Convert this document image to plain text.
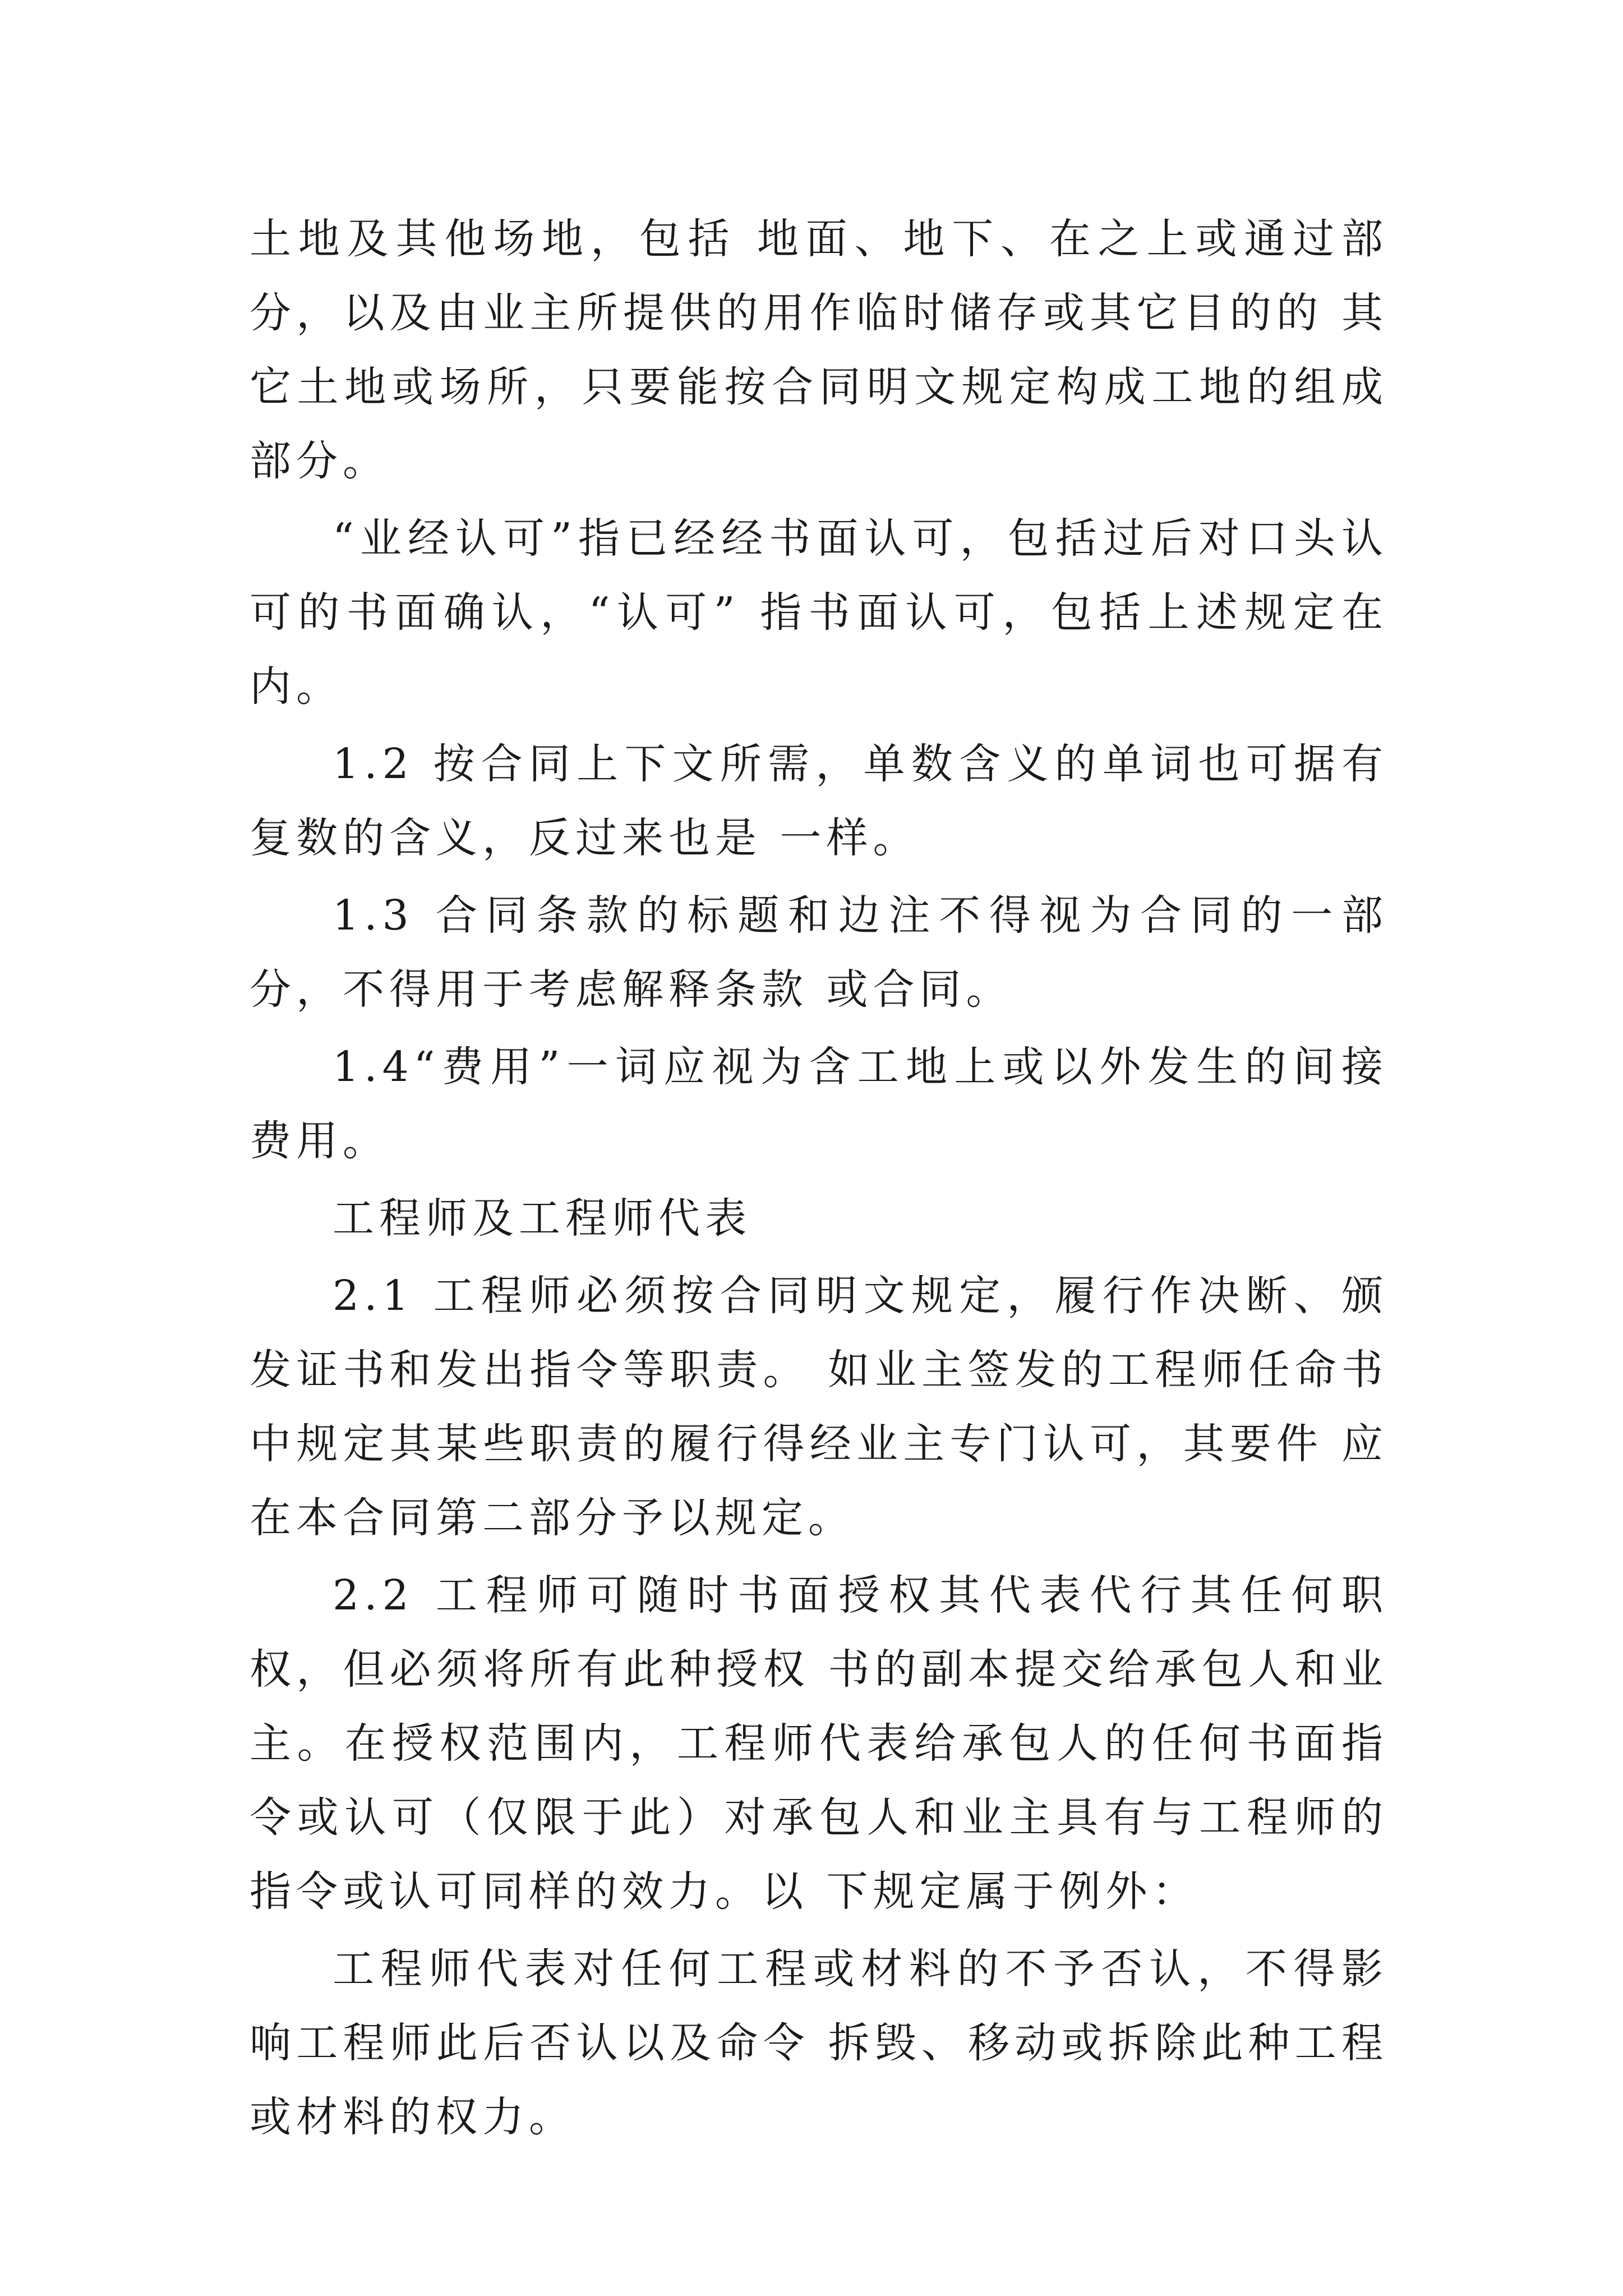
土地及其他场地，包括 地面、地下、在之上或通过部分，以及由业主所提供的用作临时储存或其它目的的 其它土地或场所，只要能按合同明文规定构成工地的组成部分。

“业经认可”指已经经书面认可，包括过后对口头认可的书面确认，“认可” 指书面认可，包括上述规定在内。

1.2 按合同上下文所需，单数含义的单词也可据有复数的含义，反过来也是 一样。

1.3 合同条款的标题和边注不得视为合同的一部分，不得用于考虑解释条款 或合同。

1.4“费用”一词应视为含工地上或以外发生的间接费用。

工程师及工程师代表

2.1 工程师必须按合同明文规定，履行作决断、颁发证书和发出指令等职责。 如业主签发的工程师任命书中规定其某些职责的履行得经业主专门认可，其要件 应在本合同第二部分予以规定。

2.2 工程师可随时书面授权其代表代行其任何职权，但必须将所有此种授权 书的副本提交给承包人和业主。在授权范围内，工程师代表给承包人的任何书面指 令或认可（仅限于此）对承包人和业主具有与工程师的指令或认可同样的效力。以 下规定属于例外：

工程师代表对任何工程或材料的不予否认，不得影响工程师此后否认以及命令 拆毁、移动或拆除此种工程或材料的权力。
